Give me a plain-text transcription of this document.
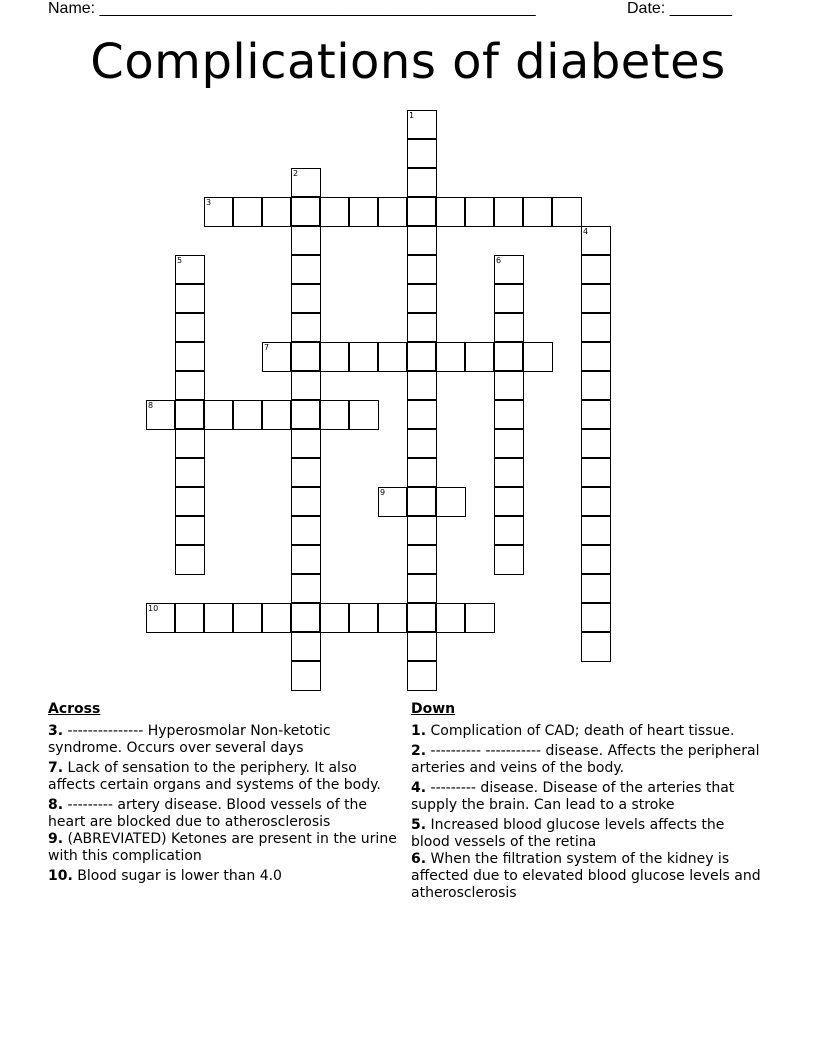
Name: _________________________________________________	Date: _______
Complications of diabetes
1
2
3
4
5	6
7
8
9
10
Across
3. --------------- Hyperosmolar Non-ketotic syndrome. Occurs over several days
7. Lack of sensation to the periphery. It also affects certain organs and systems of the body.
8. --------- artery disease. Blood vessels of the heart are blocked due to atherosclerosis
9. (ABREVIATED) Ketones are present in the urine with this complication
10. Blood sugar is lower than 4.0
Down
1. Complication of CAD; death of heart tissue.
2. ---------- ----------- disease. Affects the peripheral arteries and veins of the body.
4. --------- disease. Disease of the arteries that supply the brain. Can lead to a stroke
5. Increased blood glucose levels affects the blood vessels of the retina
6. When the filtration system of the kidney is affected due to elevated blood glucose levels and atherosclerosis
